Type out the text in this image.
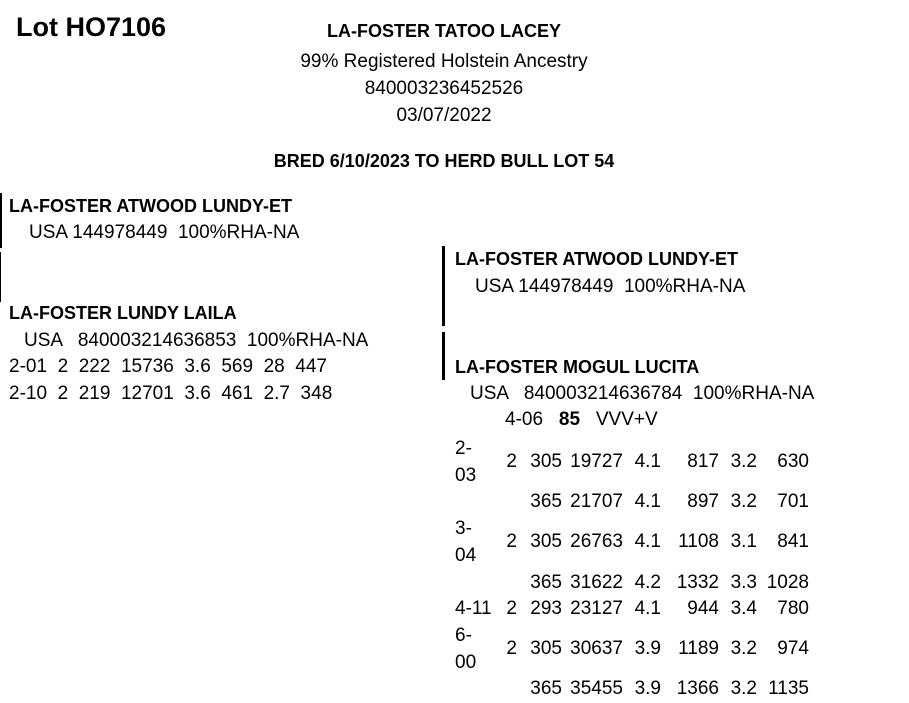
Lot HO7106	LA-FOSTER TATOO LACEY
99% Registered Holstein Ancestry
840003236452526
03/07/2022
BRED 6/10/2023 TO HERD BULL LOT 54
LA-FOSTER ATWOOD LUNDY-ET
USA 144978449  100%RHA-NA
LA-FOSTER LUNDY LAILA
USA   840003214636853  100%RHA-NA
2-01  2  222  15736  3.6  569  28  447
2-10  2  219  12701  3.6  461  2.7  348
LA-FOSTER ATWOOD LUNDY-ET
USA 144978449  100%RHA-NA
LA-FOSTER MOGUL LUCITA
USA   840003214636784  100%RHA-NA
4-06 85 VVV+V
2-03	2	305	19727	4.1	817	3.2	630
		365	21707	4.1	897	3.2	701
3-04	2	305	26763	4.1	1108	3.1	841
		365	31622	4.2	1332	3.3	1028
4-11	2	293	23127	4.1	944	3.4	780
6-00	2	305	30637	3.9	1189	3.2	974
		365	35455	3.9	1366	3.2	1135
